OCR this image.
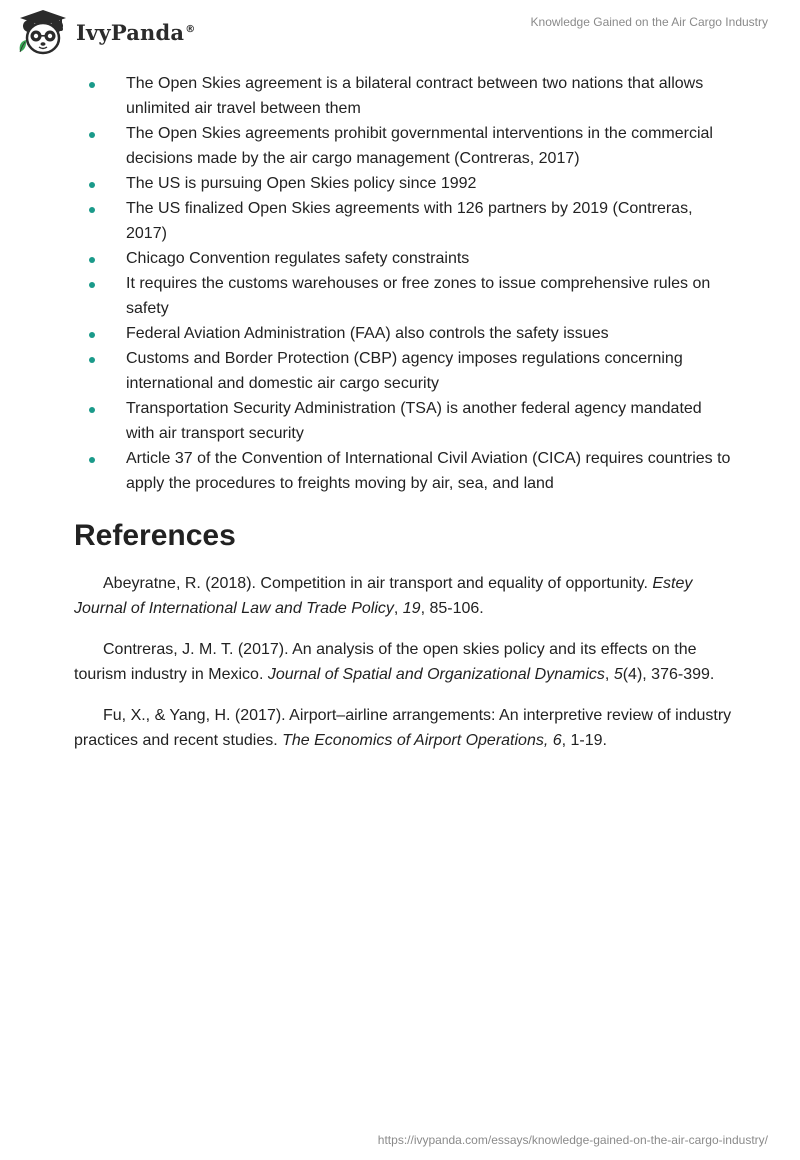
IvyPanda®	Knowledge Gained on the Air Cargo Industry
The Open Skies agreement is a bilateral contract between two nations that allows unlimited air travel between them
The Open Skies agreements prohibit governmental interventions in the commercial decisions made by the air cargo management (Contreras, 2017)
The US is pursuing Open Skies policy since 1992
The US finalized Open Skies agreements with 126 partners by 2019 (Contreras, 2017)
Chicago Convention regulates safety constraints
It requires the customs warehouses or free zones to issue comprehensive rules on safety
Federal Aviation Administration (FAA) also controls the safety issues
Customs and Border Protection (CBP) agency imposes regulations concerning international and domestic air cargo security
Transportation Security Administration (TSA) is another federal agency mandated with air transport security
Article 37 of the Convention of International Civil Aviation (CICA) requires countries to apply the procedures to freights moving by air, sea, and land
References

Abeyratne, R. (2018). Competition in air transport and equality of opportunity. Estey Journal of International Law and Trade Policy, 19, 85-106.

Contreras, J. M. T. (2017). An analysis of the open skies policy and its effects on the tourism industry in Mexico. Journal of Spatial and Organizational Dynamics, 5(4), 376-399.

Fu, X., & Yang, H. (2017). Airport–airline arrangements: An interpretive review of industry practices and recent studies. The Economics of Airport Operations, 6, 1-19.

https://ivypanda.com/essays/knowledge-gained-on-the-air-cargo-industry/
